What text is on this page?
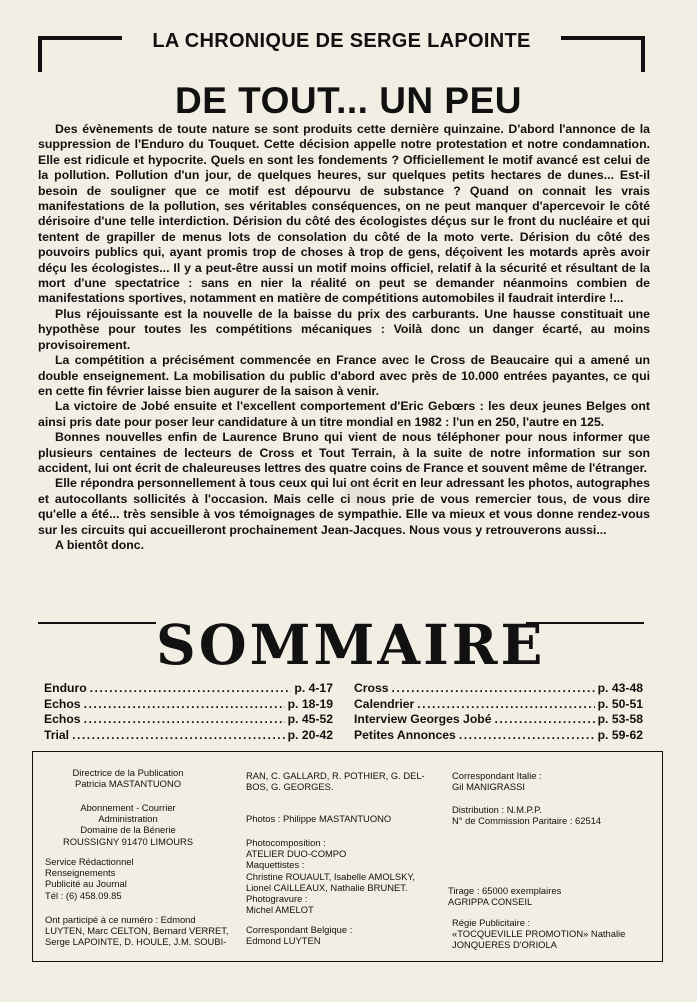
LA CHRONIQUE DE SERGE LAPOINTE
DE TOUT... UN PEU

Des évènements de toute nature se sont produits cette dernière quinzaine. D'abord l'annonce de la suppression de l'Enduro du Touquet. Cette décision appelle notre protestation et notre condamnation. Elle est ridicule et hypocrite. Quels en sont les fondements ? Officiellement le motif avancé est celui de la pollution. Pollution d'un jour, de quelques heures, sur quelques petits hectares de dunes... Est-il besoin de souligner que ce motif est dépourvu de substance ? Quand on connait les vrais manifestations de la pollution, ses véritables conséquences, on ne peut manquer d'apercevoir le côté dérisoire d'une telle interdiction. Dérision du côté des écologistes déçus sur le front du nucléaire et qui tentent de grapiller de menus lots de consolation du côté de la moto verte. Dérision du côté des pouvoirs publics qui, ayant promis trop de choses à trop de gens, déçoivent les motards après avoir déçu les écologistes... Il y a peut-être aussi un motif moins officiel, relatif à la sécurité et résultant de la mort d'une spectatrice : sans en nier la réalité on peut se demander néanmoins combien de manifestations sportives, notamment en matière de compétitions automobiles il faudrait interdire !...

Plus réjouissante est la nouvelle de la baisse du prix des carburants. Une hausse constituait une hypothèse pour toutes les compétitions mécaniques : Voilà donc un danger écarté, au moins provisoirement.

La compétition a précisément commencée en France avec le Cross de Beaucaire qui a amené un double enseignement. La mobilisation du public d'abord avec près de 10.000 entrées payantes, ce qui en cette fin février laisse bien augurer de la saison à venir.

La victoire de Jobé ensuite et l'excellent comportement d'Eric Gebœrs : les deux jeunes Belges ont ainsi pris date pour poser leur candidature à un titre mondial en 1982 : l'un en 250, l'autre en 125.

Bonnes nouvelles enfin de Laurence Bruno qui vient de nous téléphoner pour nous informer que plusieurs centaines de lecteurs de Cross et Tout Terrain, à la suite de notre information sur son accident, lui ont écrit de chaleureuses lettres des quatre coins de France et souvent même de l'étranger.

Elle répondra personnellement à tous ceux qui lui ont écrit en leur adressant les photos, autographes et autocollants sollicités à l'occasion. Mais celle ci nous prie de vous remercier tous, de vous dire qu'elle a été... très sensible à vos témoignages de sympathie. Elle va mieux et vous donne rendez-vous sur les circuits qui accueilleront prochainement Jean-Jacques. Nous vous y retrouverons aussi...

A bientôt donc.

SOMMAIRE
Enduro .....	p. 4-17
Echos .....	p. 18-19
Echos .....	p. 45-52
Trial .....	p. 20-42
Cross .....	p. 43-48
Calendrier .....	p. 50-51
Interview Georges Jobé .....	p. 53-58
Petites Annonces .....	p. 59-62
Directrice de la Publication
Patricia MASTANTUONO
Abonnement - Courrier
Administration
Domaine de la Bénerie
ROUSSIGNY 91470 LIMOURS
Service Rédactionnel
Renseignements
Publicité au Journal
Tél : (6) 458.09.85
Ont participé à ce numéro : Edmond
LUYTEN, Marc CELTON, Bernard VERRET,
Serge LAPOINTE, D. HOULE, J.M. SOUBI-
RAN, C. GALLARD, R. POTHIER, G. DEL-
BOS, G. GEORGES.
Photos : Philippe MASTANTUONO
Photocomposition :
ATELIER DUO-COMPO
Maquettistes :
Christine ROUAULT, Isabelle AMOLSKY,
Lionel CAILLEAUX, Nathalie BRUNET.
Photogravure :
Michel AMELOT
Correspondant Belgique :
Edmond LUYTEN
Correspondant Italie :
Gil MANIGRASSI
Distribution : N.M.P.P.
N° de Commission Paritaire : 62514
Tirage : 65000 exemplaires
AGRIPPA CONSEIL
Régie Publicitaire :
«TOCQUEVILLE PROMOTION» Nathalie
JONQUERES D'ORIOLA
